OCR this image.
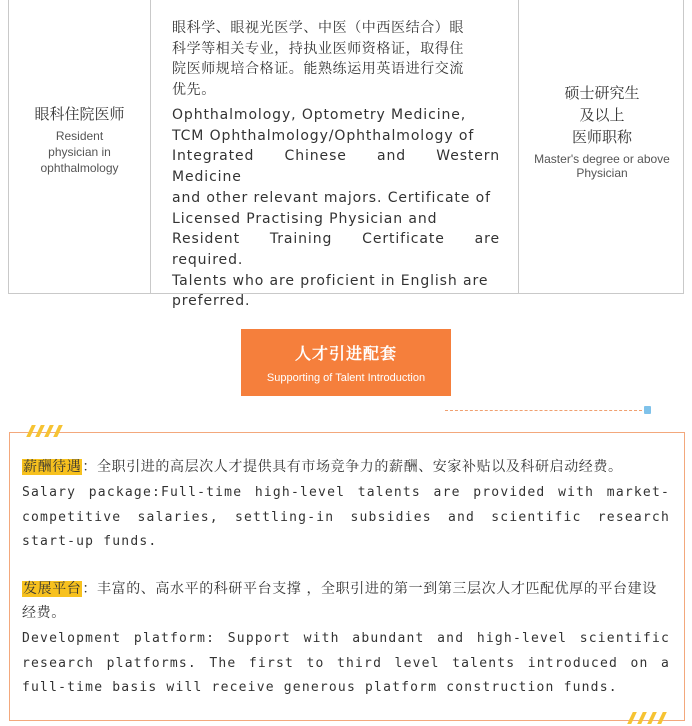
眼科住院医师
Resident
physician in
ophthalmology
眼科学、眼视光医学、中医（中西医结合）眼
科学等相关专业，持执业医师资格证，取得住
院医师规培合格证。能熟练运用英语进行交流
优先。
Ophthalmology, Optometry Medicine,
TCM Ophthalmology/Ophthalmology of
Integrated Chinese and Western Medicine
and other relevant majors. Certificate of
Licensed Practising Physician and
Resident Training Certificate are required.
Talents who are proficient in English are
preferred.
硕士研究生
及以上
医师职称
Master's degree or above
Physician
人才引进配套
Supporting of Talent Introduction
薪酬待遇：全职引进的高层次人才提供具有市场竞争力的薪酬、安家补贴以及科研启动经费。
Salary package:Full-time high-level talents are provided with market-competitive salaries, settling-in subsidies and scientific research start-up funds.
发展平台：丰富的、高水平的科研平台支撑 ，全职引进的第一到第三层次人才匹配优厚的平台建设经费。
Development platform: Support with abundant and high-level scientific research platforms. The first to third level talents introduced on a full-time basis will receive generous platform construction funds.
